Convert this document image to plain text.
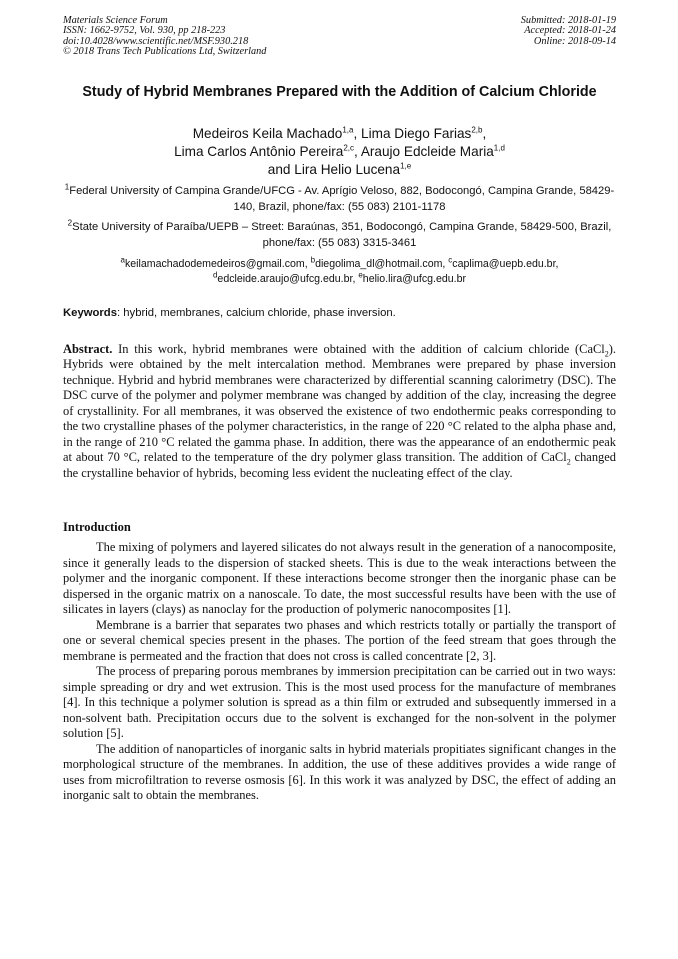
Materials Science Forum
ISSN: 1662-9752, Vol. 930, pp 218-223
doi:10.4028/www.scientific.net/MSF.930.218
© 2018 Trans Tech Publications Ltd, Switzerland
Submitted: 2018-01-19
Accepted: 2018-01-24
Online: 2018-09-14
Study of Hybrid Membranes Prepared with the Addition of Calcium Chloride
Medeiros Keila Machado$^{1,a}$, Lima Diego Farias$^{2,b}$,
Lima Carlos Antônio Pereira$^{2,c}$, Araujo Edcleide Maria$^{1,d}$
and Lira Helio Lucena$^{1,e}$
$^1$Federal University of Campina Grande/UFCG - Av. Aprígio Veloso, 882, Bodocongó, Campina Grande, 58429-140, Brazil, phone/fax: (55 083) 2101-1178
$^2$State University of Paraíba/UEPB – Street: Baraúnas, 351, Bodocongó, Campina Grande, 58429-500, Brazil, phone/fax: (55 083) 3315-3461
$^a$keilamachadodemedeiros@gmail.com, $^b$diegolima_dl@hotmail.com, $^c$caplima@uepb.edu.br,
$^d$edcleide.araujo@ufcg.edu.br, $^e$helio.lira@ufcg.edu.br
Keywords: hybrid, membranes, calcium chloride, phase inversion.
Abstract. In this work, hybrid membranes were obtained with the addition of calcium chloride (CaCl$_2$). Hybrids were obtained by the melt intercalation method. Membranes were prepared by phase inversion technique. Hybrid and hybrid membranes were characterized by differential scanning calorimetry (DSC). The DSC curve of the polymer and polymer membrane was changed by addition of the clay, increasing the degree of crystallinity. For all membranes, it was observed the existence of two endothermic peaks corresponding to the two crystalline phases of the polymer characteristics, in the range of 220 °C related to the alpha phase and, in the range of 210 °C related the gamma phase. In addition, there was the appearance of an endothermic peak at about 70 °C, related to the temperature of the dry polymer glass transition. The addition of CaCl$_2$ changed the crystalline behavior of hybrids, becoming less evident the nucleating effect of the clay.
Introduction

The mixing of polymers and layered silicates do not always result in the generation of a nanocomposite, since it generally leads to the dispersion of stacked sheets. This is due to the weak interactions between the polymer and the inorganic component. If these interactions become stronger then the inorganic phase can be dispersed in the organic matrix on a nanoscale. To date, the most successful results have been with the use of silicates in layers (clays) as nanoclay for the production of polymeric nanocomposites [1].

Membrane is a barrier that separates two phases and which restricts totally or partially the transport of one or several chemical species present in the phases. The portion of the feed stream that goes through the membrane is permeated and the fraction that does not cross is called concentrate [2, 3].

The process of preparing porous membranes by immersion precipitation can be carried out in two ways: simple spreading or dry and wet extrusion. This is the most used process for the manufacture of membranes [4]. In this technique a polymer solution is spread as a thin film or extruded and subsequently immersed in a non-solvent bath. Precipitation occurs due to the solvent is exchanged for the non-solvent in the polymer solution [5].

The addition of nanoparticles of inorganic salts in hybrid materials propitiates significant changes in the morphological structure of the membranes. In addition, the use of these additives provides a wide range of uses from microfiltration to reverse osmosis [6]. In this work it was analyzed by DSC, the effect of adding an inorganic salt to obtain the membranes.
